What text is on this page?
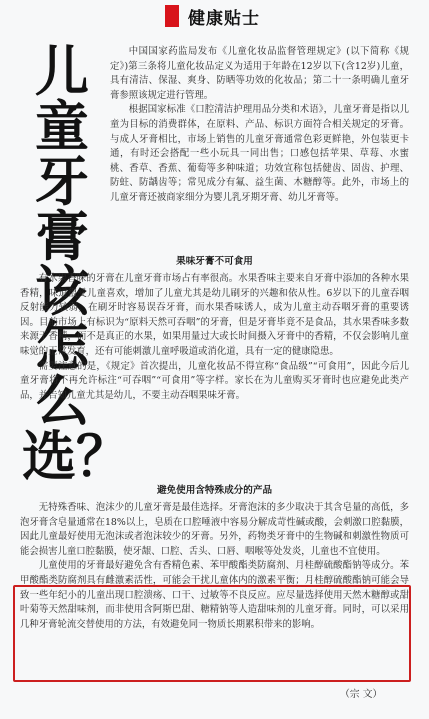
健康贴士
儿童牙膏该怎么选？

中国国家药监局发布《儿童化妆品监督管理规定》(以下简称《规定》)第三条将儿童化妆品定义为适用于年龄在12岁以下(含12岁)儿童，具有清洁、保湿、爽身、防晒等功效的化妆品；第二十一条明确儿童牙膏参照该规定进行管理。

根据国家标准《口腔清洁护理用品分类和术语》，儿童牙膏是指以儿童为目标的消费群体，在原料、产品、标识方面符合相关规定的牙膏。与成人牙膏相比，市场上销售的儿童牙膏通常色彩更鲜艳，外包装更卡通，有时还会搭配一些小玩具一同出售；口感包括苹果、草莓、水蜜桃、香草、香蕉、葡萄等多种味道；功效宣称包括健齿、固齿、护理、防蛀、防龋齿等；常见成分有氟、益生菌、木糖醇等。此外，市场上的儿童牙膏还被商家细分为婴儿乳牙期牙膏、幼儿牙膏等。

果味牙膏不可食用

有水果香味的牙膏在儿童牙膏市场占有率很高。水果香味主要来自牙膏中添加的各种水果香精，味道很受儿童喜欢，增加了儿童尤其是幼儿刷牙的兴趣和依从性。6岁以下的儿童吞咽反射能力较弱，在刷牙时容易误吞牙膏，而水果香味诱人，成为儿童主动吞咽牙膏的重要诱因。目前市场上有标识为“原料天然可吞咽”的牙膏，但是牙膏毕竟不是食品，其水果香味多数来源于香精，而不是真正的水果，如果用量过大或长时间摄入牙膏中的香精，不仅会影响儿童味觉的正常发育，还有可能刺激儿童呼吸道或消化道，具有一定的健康隐患。

需要注意的是，《规定》首次提出，儿童化妆品不得宣称“食品级”“可食用”，因此今后儿童牙膏将不再允许标注“可吞咽”“可食用”等字样。家长在为儿童购买牙膏时也应避免此类产品，并告知儿童尤其是幼儿，不要主动吞咽果味牙膏。

避免使用含特殊成分的产品

无特殊香味、泡沫少的儿童牙膏是最佳选择。牙膏泡沫的多少取决于其含皂量的高低，多泡牙膏含皂量通常在18%以上，皂质在口腔唾液中容易分解成苛性碱或酸，会刺激口腔黏膜，因此儿童最好使用无泡沫或者泡沫较少的牙膏。另外，药物类牙膏中的生物碱和刺激性物质可能会损害儿童口腔黏膜，使牙龈、口腔、舌头、口唇、咽喉等处发炎，儿童也不宜使用。

儿童使用的牙膏最好避免含有香精色素、苯甲酸酯类防腐剂、月桂醇硫酸酯钠等成分。苯甲酸酯类防腐剂具有雌激素活性，可能会干扰儿童体内的激素平衡；月桂醇硫酸酯钠可能会导致一些年纪小的儿童出现口腔溃疡、口干、过敏等不良反应。应尽量选择使用天然木糖醇或甜叶菊等天然甜味剂，而非使用含阿斯巴甜、糖精钠等人造甜味剂的儿童牙膏。同时，可以采用几种牙膏轮流交替使用的方法，有效避免同一物质长期累积带来的影响。

（宗 文）
